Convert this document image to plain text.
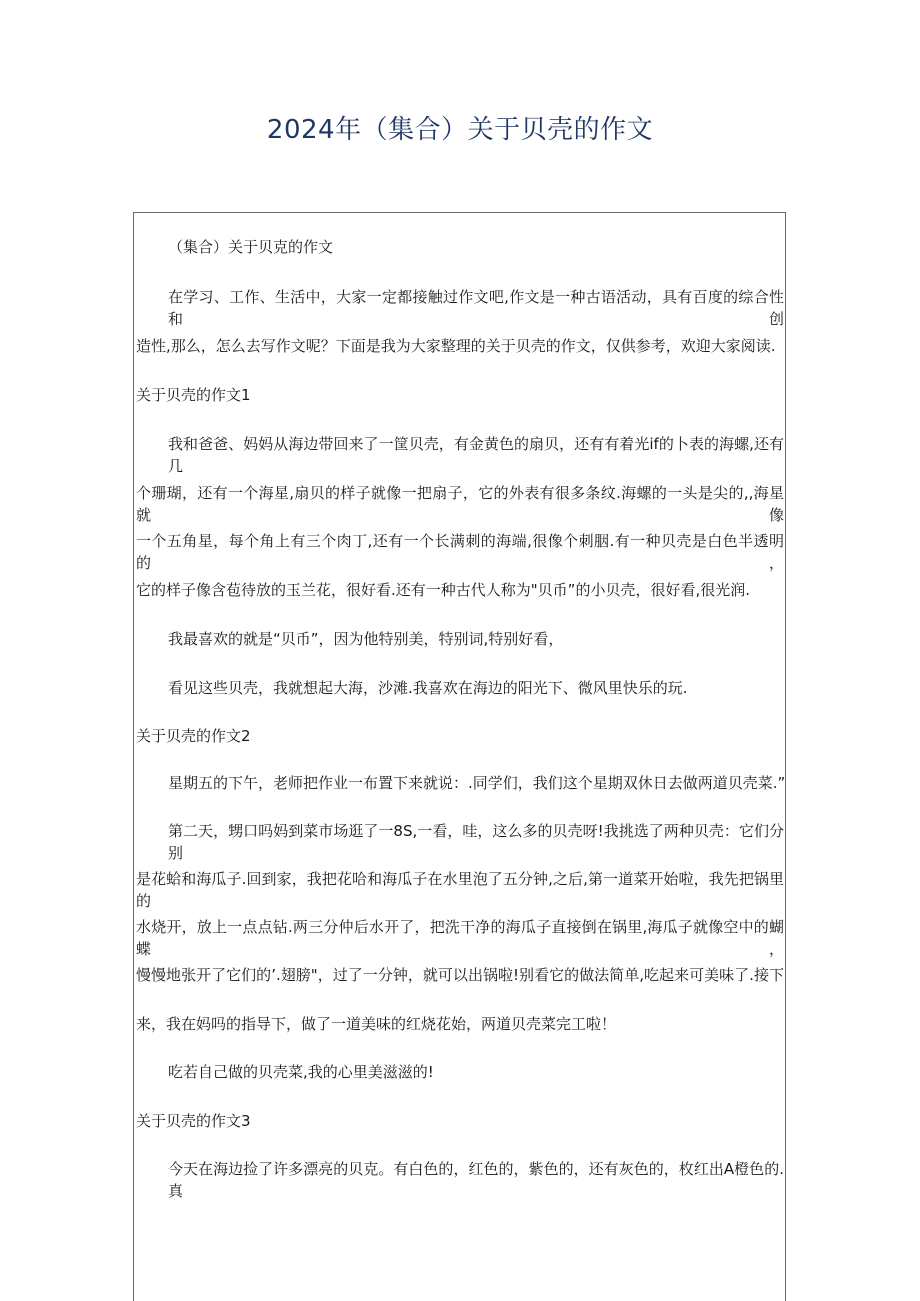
2024年（集合）关于贝壳的作文
（集合）关于贝克的作文
在学习、工作、生活中，大家一定都接触过作文吧,作文是一种古语活动，具有百度的综合性和创
造性,那么，怎么去写作文呢？下面是我为大家整理的关于贝壳的作文，仅供参考，欢迎大家阅读.
关于贝壳的作文1
我和爸爸、妈妈从海边带回来了一筐贝壳，有金黄色的扇贝，还有有着光if的卜表的海螺,还有几
个珊瑚，还有一个海星,扇贝的样子就像一把扇子，它的外表有很多条纹.海螺的一头是尖的,,海星就像
一个五角星，每个角上有三个肉丁,还有一个长满刺的海端,很像个刺胭.有一种贝壳是白色半透明的，
它的样子像含苞待放的玉兰花，很好看.还有一种古代人称为"贝币”的小贝壳，很好看,很光润.
我最喜欢的就是“贝币”，因为他特别美，特别词,特别好看，
看见这些贝壳，我就想起大海，沙滩.我喜欢在海边的阳光下、微风里快乐的玩.
关于贝壳的作文2
星期五的下午，老师把作业一布置下来就说：.同学们，我们这个星期双休日去做两道贝壳菜.”
第二天，甥口吗妈到菜市场逛了一8S,一看，哇，这么多的贝壳呀!我挑选了两种贝壳：它们分别
是花蛤和海瓜子.回到家，我把花哈和海瓜子在水里泡了五分钟,之后,第一道菜开始啦，我先把锅里的
水烧开，放上一点点钻.两三分仲后水开了，把洗干净的海瓜子直接倒在锅里,海瓜子就像空中的蝴蝶，
慢慢地张开了它们的’.翅膀"，过了一分钟，就可以出锅啦!别看它的做法简单,吃起来可美味了.接下
来，我在妈吗的指导下，做了一道美味的红烧花始，两道贝壳菜完工啦！
吃若自己做的贝壳菜,我的心里美滋滋的!
关于贝壳的作文3
今天在海边捡了许多漂亮的贝克。有白色的，红色的，紫色的，还有灰色的，枚红出A橙色的.真
